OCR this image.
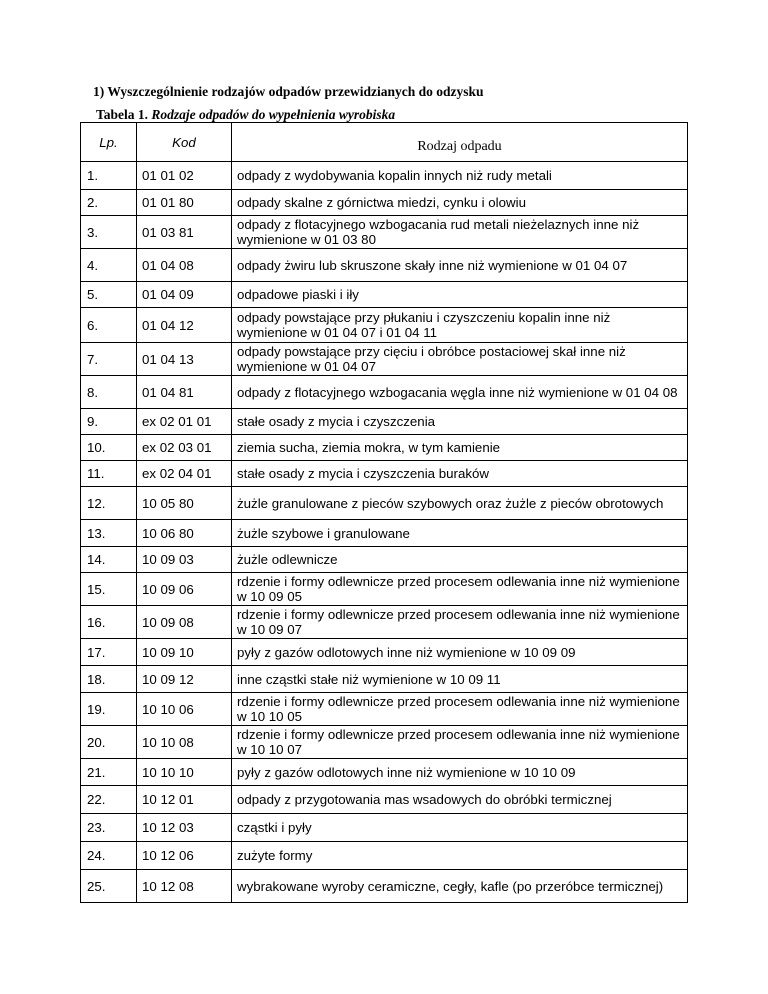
1) Wyszczególnienie rodzajów odpadów przewidzianych do odzysku
Tabela 1. Rodzaje odpadów do wypełnienia wyrobiska
Lp.	Kod	Rodzaj odpadu
1.	01 01 02	odpady z wydobywania kopalin innych niż rudy metali
2.	01 01 80	odpady skalne z górnictwa miedzi, cynku i olowiu
3.	01 03 81	odpady z flotacyjnego wzbogacania rud metali nieżelaznych inne niż wymienione w 01 03 80
4.	01 04 08	odpady żwiru lub skruszone skały inne niż wymienione w 01 04 07
5.	01 04 09	odpadowe piaski i iły
6.	01 04 12	odpady powstające przy płukaniu i czyszczeniu kopalin inne niż wymienione w 01 04 07 i 01 04 11
7.	01 04 13	odpady powstające przy cięciu i obróbce postaciowej skał inne niż wymienione w 01 04 07
8.	01 04 81	odpady z flotacyjnego wzbogacania węgla inne niż wymienione w 01 04 08
9.	ex 02 01 01	stałe osady z mycia i czyszczenia
10.	ex 02 03 01	ziemia sucha, ziemia mokra, w tym kamienie
11.	ex 02 04 01	stałe osady z mycia i czyszczenia buraków
12.	10 05 80	żużle granulowane z pieców szybowych oraz żużle z pieców obrotowych
13.	10 06 80	żużle szybowe i granulowane
14.	10 09 03	żużle odlewnicze
15.	10 09 06	rdzenie i formy odlewnicze przed procesem odlewania inne niż wymienione w 10 09 05
16.	10 09 08	rdzenie i formy odlewnicze przed procesem odlewania inne niż wymienione w 10 09 07
17.	10 09 10	pyły z gazów odlotowych inne niż wymienione w 10 09 09
18.	10 09 12	inne cząstki stałe niż wymienione w 10 09 11
19.	10 10 06	rdzenie i formy odlewnicze przed procesem odlewania inne niż wymienione w 10 10 05
20.	10 10 08	rdzenie i formy odlewnicze przed procesem odlewania inne niż wymienione w 10 10 07
21.	10 10 10	pyły z gazów odlotowych inne niż wymienione w 10 10 09
22.	10 12 01	odpady z przygotowania mas wsadowych do obróbki termicznej
23.	10 12 03	cząstki i pyły
24.	10 12 06	zużyte formy
25.	10 12 08	wybrakowane wyroby ceramiczne, cegły, kafle (po przeróbce termicznej)
